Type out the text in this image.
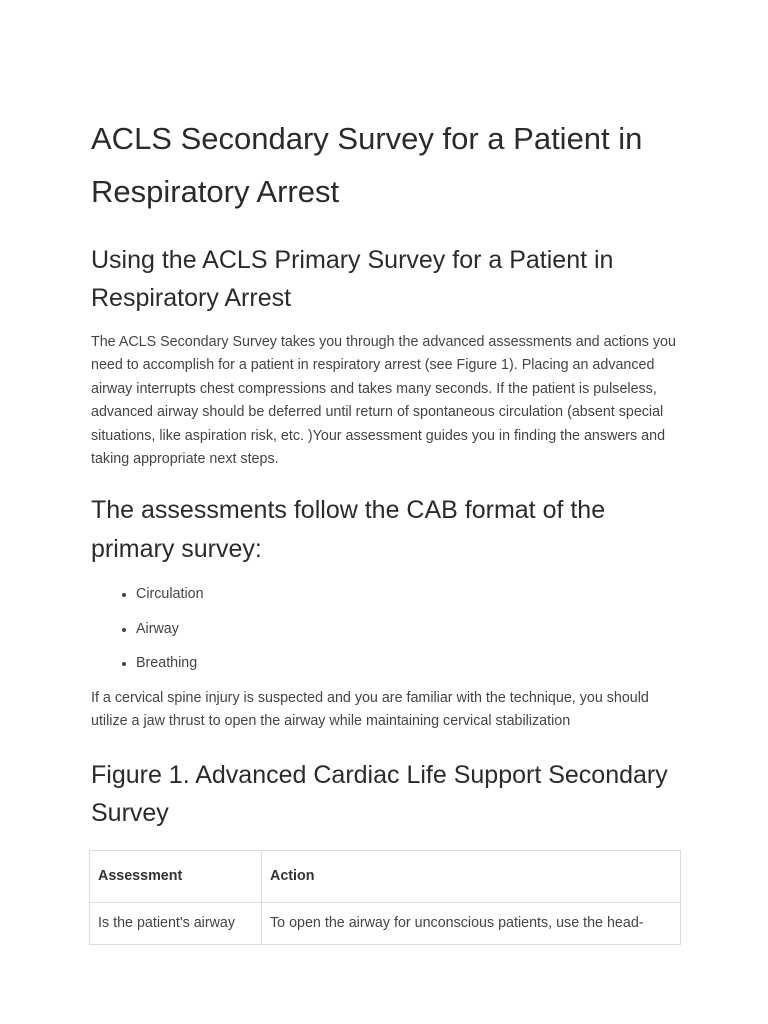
ACLS Secondary Survey for a Patient in Respiratory Arrest
Using the ACLS Primary Survey for a Patient in Respiratory Arrest

The ACLS Secondary Survey takes you through the advanced assessments and actions you need to accomplish for a patient in respiratory arrest (see Figure 1). Placing an advanced airway interrupts chest compressions and takes many seconds. If the patient is pulseless, advanced airway should be deferred until return of spontaneous circulation (absent special situations, like aspiration risk, etc. )Your assessment guides you in finding the answers and taking appropriate next steps.

The assessments follow the CAB format of the primary survey:
• Circulation
• Airway
• Breathing

If a cervical spine injury is suspected and you are familiar with the technique, you should utilize a jaw thrust to open the airway while maintaining cervical stabilization

Figure 1. Advanced Cardiac Life Support Secondary Survey
Assessment	Action
Is the patient's airway	To open the airway for unconscious patients, use the head-
